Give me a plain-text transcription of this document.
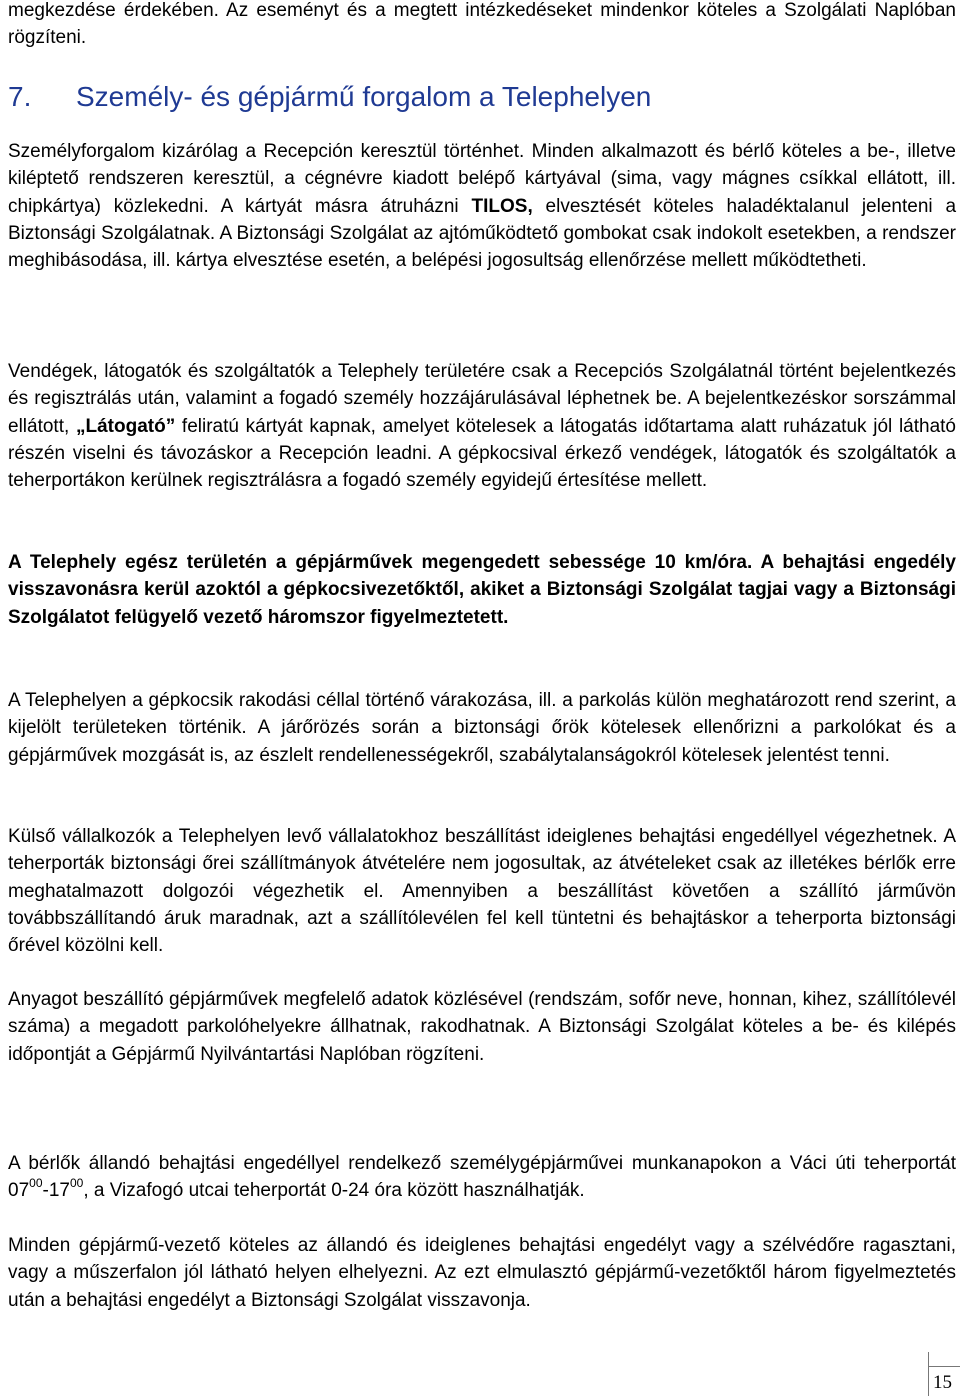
megkezdése érdekében. Az eseményt és a megtett intézkedéseket mindenkor köteles a Szolgálati Naplóban rögzíteni.

7. Személy- és gépjármű forgalom a Telephelyen

Személyforgalom kizárólag a Recepción keresztül történhet. Minden alkalmazott és bérlő köteles a be-, illetve kiléptető rendszeren keresztül, a cégnévre kiadott belépő kártyával (sima, vagy mágnes csíkkal ellátott, ill. chipkártya) közlekedni. A kártyát másra átruházni TILOS, elvesztését köteles haladéktalanul jelenteni a Biztonsági Szolgálatnak. A Biztonsági Szolgálat az ajtóműködtető gombokat csak indokolt esetekben, a rendszer meghibásodása, ill. kártya elvesztése esetén, a belépési jogosultság ellenőrzése mellett működtetheti.

Vendégek, látogatók és szolgáltatók a Telephely területére csak a Recepciós Szolgálatnál történt bejelentkezés és regisztrálás után, valamint a fogadó személy hozzájárulásával léphetnek be. A bejelentkezéskor sorszámmal ellátott, „Látogató” feliratú kártyát kapnak, amelyet kötelesek a látogatás időtartama alatt ruházatuk jól látható részén viselni és távozáskor a Recepción leadni. A gépkocsival érkező vendégek, látogatók és szolgáltatók a teherportákon kerülnek regisztrálásra a fogadó személy egyidejű értesítése mellett.

A Telephely egész területén a gépjárművek megengedett sebessége 10 km/óra. A behajtási engedély visszavonásra kerül azoktól a gépkocsivezetőktől, akiket a Biztonsági Szolgálat tagjai vagy a Biztonsági Szolgálatot felügyelő vezető háromszor figyelmeztetett.

A Telephelyen a gépkocsik rakodási céllal történő várakozása, ill. a parkolás külön meghatározott rend szerint, a kijelölt területeken történik. A járőrözés során a biztonsági őrök kötelesek ellenőrizni a parkolókat és a gépjárművek mozgását is, az észlelt rendellenességekről, szabálytalanságokról kötelesek jelentést tenni.

Külső vállalkozók a Telephelyen levő vállalatokhoz beszállítást ideiglenes behajtási engedéllyel végezhetnek. A teherporták biztonsági őrei szállítmányok átvételére nem jogosultak, az átvételeket csak az illetékes bérlők erre meghatalmazott dolgozói végezhetik el. Amennyiben a beszállítást követően a szállító járművön továbbszállítandó áruk maradnak, azt a szállítólevélen fel kell tüntetni és behajtáskor a teherporta biztonsági őrével közölni kell.

Anyagot beszállító gépjárművek megfelelő adatok közlésével (rendszám, sofőr neve, honnan, kihez, szállítólevél száma) a megadott parkolóhelyekre állhatnak, rakodhatnak. A Biztonsági Szolgálat köteles a be- és kilépés időpontját a Gépjármű Nyilvántartási Naplóban rögzíteni.

A bérlők állandó behajtási engedéllyel rendelkező személygépjárművei munkanapokon a Váci úti teherportát $07^{00}-17^{00}$, a Vizafogó utcai teherportát 0-24 óra között használhatják.

Minden gépjármű-vezető köteles az állandó és ideiglenes behajtási engedélyt vagy a szélvédőre ragasztani, vagy a műszerfalon jól látható helyen elhelyezni. Az ezt elmulasztó gépjármű-vezetőktől három figyelmeztetés után a behajtási engedélyt a Biztonsági Szolgálat visszavonja.

15
